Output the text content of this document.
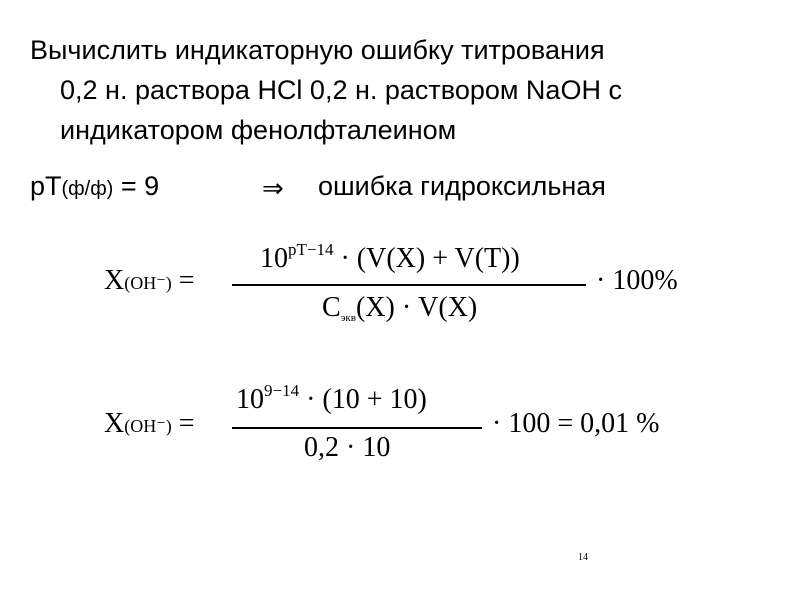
Вычислить индикаторную ошибку титрования
0,2 н. раствора HCl 0,2 н. раствором NaOH с
индикатором фенолфталеином
pT(ф/ф) = 9	⇒ ошибка гидроксильная
X(OH⁻) =
$10^{pT-14} \cdot (V(X) + V(T))$
Cэкв(X) · V(X)
· 100%
X(OH⁻) =
$10^{9-14} \cdot (10 + 10)$
0,2 · 10
· 100 = 0,01 %
14
